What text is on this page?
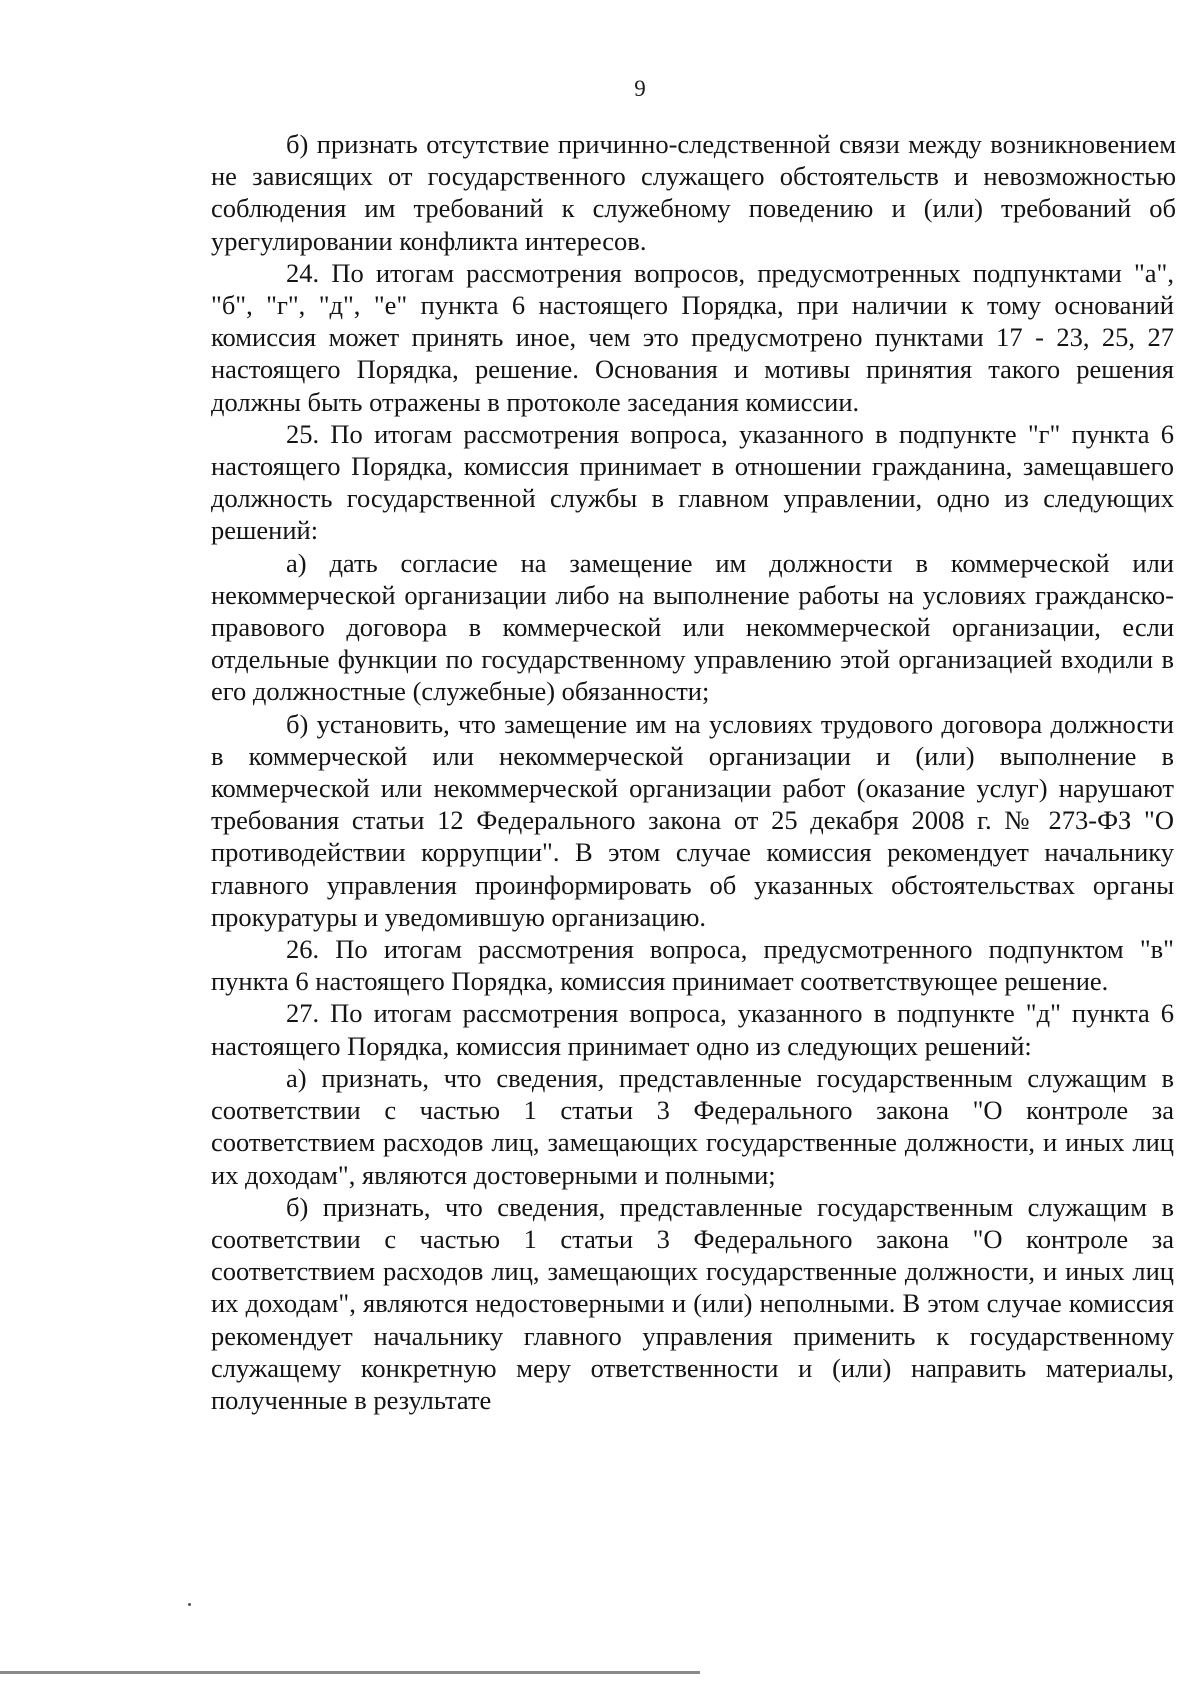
9

б) признать отсутствие причинно-следственной связи между возникновением не зависящих от государственного служащего обстоятельств и невозможностью соблюдения им требований к служебному поведению и (или) требований об урегулировании конфликта интересов.

24. По итогам рассмотрения вопросов, предусмотренных подпунктами "а", "б", "г", "д", "е" пункта 6 настоящего Порядка, при наличии к тому оснований комиссия может принять иное, чем это предусмотрено пунктами 17 - 23, 25, 27 настоящего Порядка, решение. Основания и мотивы принятия такого решения должны быть отражены в протоколе заседания комиссии.

25. По итогам рассмотрения вопроса, указанного в подпункте "г" пункта 6 настоящего Порядка, комиссия принимает в отношении гражданина, замещавшего должность государственной службы в главном управлении, одно из следующих решений:

а) дать согласие на замещение им должности в коммерческой или некоммерческой организации либо на выполнение работы на условиях гражданско-правового договора в коммерческой или некоммерческой организации, если отдельные функции по государственному управлению этой организацией входили в его должностные (служебные) обязанности;

б) установить, что замещение им на условиях трудового договора должности в коммерческой или некоммерческой организации и (или) выполнение в коммерческой или некоммерческой организации работ (оказание услуг) нарушают требования статьи 12 Федерального закона от 25 декабря 2008 г. № 273-ФЗ "О противодействии коррупции". В этом случае комиссия рекомендует начальнику главного управления проинформировать об указанных обстоятельствах органы прокуратуры и уведомившую организацию.

26. По итогам рассмотрения вопроса, предусмотренного подпунктом "в" пункта 6 настоящего Порядка, комиссия принимает соответствующее решение.

27. По итогам рассмотрения вопроса, указанного в подпункте "д" пункта 6 настоящего Порядка, комиссия принимает одно из следующих решений:

а) признать, что сведения, представленные государственным служащим в соответствии с частью 1 статьи 3 Федерального закона "О контроле за соответствием расходов лиц, замещающих государственные должности, и иных лиц их доходам", являются достоверными и полными;

б) признать, что сведения, представленные государственным служащим в соответствии с частью 1 статьи 3 Федерального закона "О контроле за соответствием расходов лиц, замещающих государственные должности, и иных лиц их доходам", являются недостоверными и (или) неполными. В этом случае комиссия рекомендует начальнику главного управления применить к государственному служащему конкретную меру ответственности и (или) направить материалы, полученные в результате
